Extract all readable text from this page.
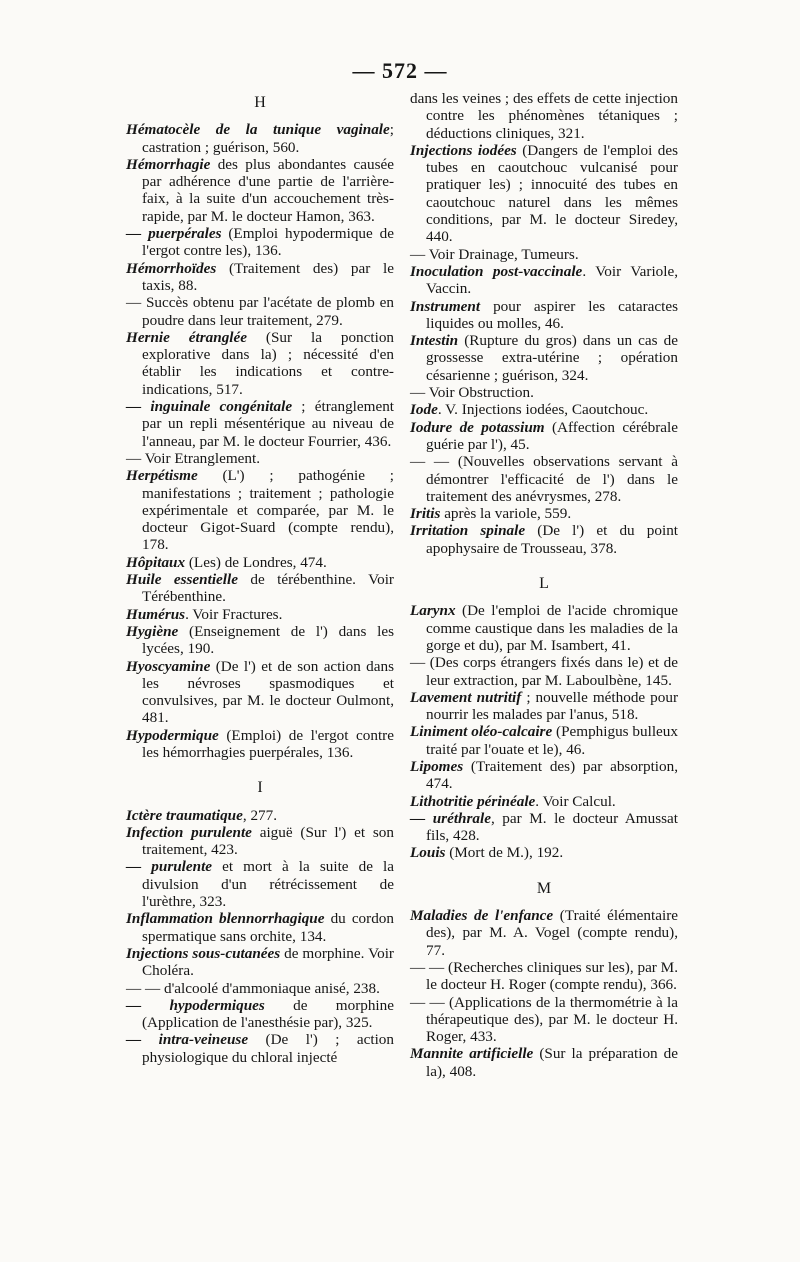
— 572 —
H

Hématocèle de la tunique vaginale; castration ; guérison, 560.

Hémorrhagie des plus abondantes causée par adhérence d'une partie de l'arrière-faix, à la suite d'un accouchement très-rapide, par M. le docteur Hamon, 363.

— puerpérales (Emploi hypodermique de l'ergot contre les), 136.

Hémorrhoïdes (Traitement des) par le taxis, 88.

— Succès obtenu par l'acétate de plomb en poudre dans leur traitement, 279.

Hernie étranglée (Sur la ponction explorative dans la) ; nécessité d'en établir les indications et contre-indications, 517.

— inguinale congénitale ; étranglement par un repli mésentérique au niveau de l'anneau, par M. le docteur Fourrier, 436.

— Voir Etranglement.

Herpétisme (L') ; pathogénie ; manifestations ; traitement ; pathologie expérimentale et comparée, par M. le docteur Gigot-Suard (compte rendu), 178.

Hôpitaux (Les) de Londres, 474.

Huile essentielle de térébenthine. Voir Térébenthine.

Humérus. Voir Fractures.

Hygiène (Enseignement de l') dans les lycées, 190.

Hyoscyamine (De l') et de son action dans les névroses spasmodiques et convulsives, par M. le docteur Oulmont, 481.

Hypodermique (Emploi) de l'ergot contre les hémorrhagies puerpérales, 136.

I

Ictère traumatique, 277.

Infection purulente aiguë (Sur l') et son traitement, 423.

— purulente et mort à la suite de la divulsion d'un rétrécissement de l'urèthre, 323.

Inflammation blennorrhagique du cordon spermatique sans orchite, 134.

Injections sous-cutanées de morphine. Voir Choléra.

— — d'alcoolé d'ammoniaque anisé, 238.

— hypodermiques de morphine (Application de l'anesthésie par), 325.

— intra-veineuse (De l') ; action physiologique du chloral injecté

dans les veines ; des effets de cette injection contre les phénomènes tétaniques ; déductions cliniques, 321.

Injections iodées (Dangers de l'emploi des tubes en caoutchouc vulcanisé pour pratiquer les) ; innocuité des tubes en caoutchouc naturel dans les mêmes conditions, par M. le docteur Siredey, 440.

— Voir Drainage, Tumeurs.

Inoculation post-vaccinale. Voir Variole, Vaccin.

Instrument pour aspirer les cataractes liquides ou molles, 46.

Intestin (Rupture du gros) dans un cas de grossesse extra-utérine ; opération césarienne ; guérison, 324.

— Voir Obstruction.

Iode. V. Injections iodées, Caoutchouc.

Iodure de potassium (Affection cérébrale guérie par l'), 45.

— — (Nouvelles observations servant à démontrer l'efficacité de l') dans le traitement des anévrysmes, 278.

Iritis après la variole, 559.

Irritation spinale (De l') et du point apophysaire de Trousseau, 378.

L

Larynx (De l'emploi de l'acide chromique comme caustique dans les maladies de la gorge et du), par M. Isambert, 41.

— (Des corps étrangers fixés dans le) et de leur extraction, par M. Laboulbène, 145.

Lavement nutritif ; nouvelle méthode pour nourrir les malades par l'anus, 518.

Liniment oléo-calcaire (Pemphigus bulleux traité par l'ouate et le), 46.

Lipomes (Traitement des) par absorption, 474.

Lithotritie périnéale. Voir Calcul.

— uréthrale, par M. le docteur Amussat fils, 428.

Louis (Mort de M.), 192.

M

Maladies de l'enfance (Traité élémentaire des), par M. A. Vogel (compte rendu), 77.

— — (Recherches cliniques sur les), par M. le docteur H. Roger (compte rendu), 366.

— — (Applications de la thermométrie à la thérapeutique des), par M. le docteur H. Roger, 433.

Mannite artificielle (Sur la préparation de la), 408.
